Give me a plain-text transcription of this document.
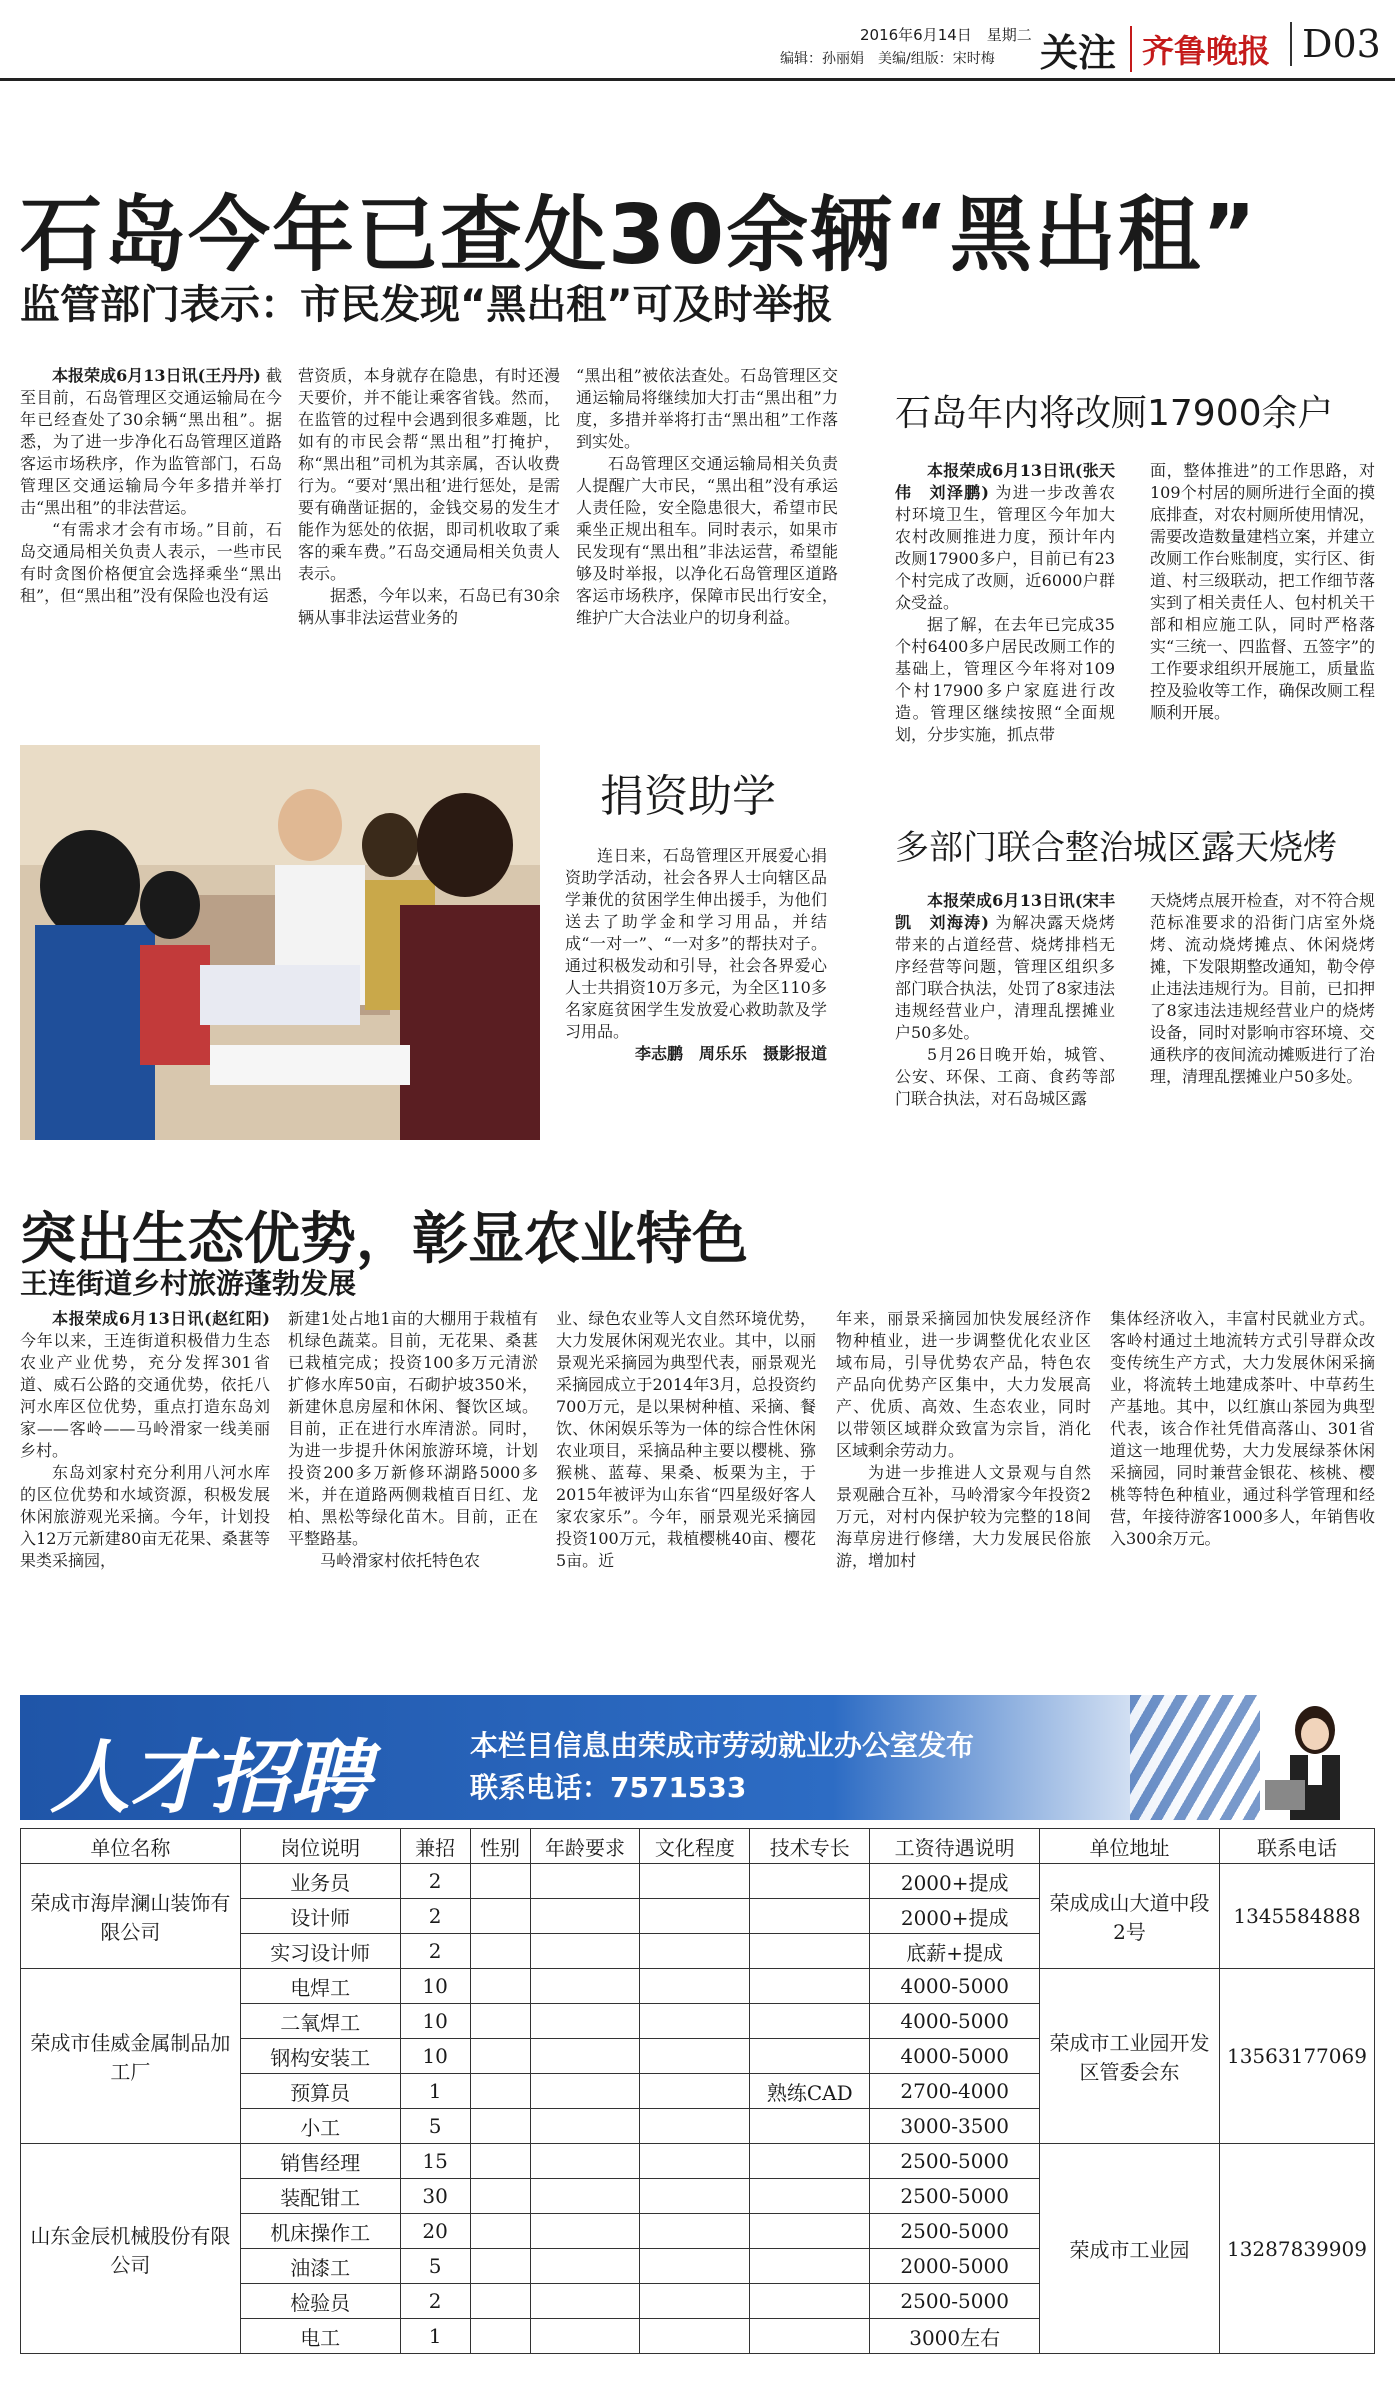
2016年6月14日　星期二
编辑：孙丽娟　美编/组版：宋时梅 关注 齐鲁晚报 D03
石岛今年已查处30余辆“黑出租”
监管部门表示：市民发现“黑出租”可及时举报

本报荣成6月13日讯(王丹丹) 截至目前，石岛管理区交通运输局在今年已经查处了30余辆“黑出租”。据悉，为了进一步净化石岛管理区道路客运市场秩序，作为监管部门，石岛管理区交通运输局今年多措并举打击“黑出租”的非法营运。

“有需求才会有市场。”目前，石岛交通局相关负责人表示，一些市民有时贪图价格便宜会选择乘坐“黑出租”，但“黑出租”没有保险也没有运

营资质，本身就存在隐患，有时还漫天要价，并不能让乘客省钱。然而，在监管的过程中会遇到很多难题，比如有的市民会帮“黑出租”打掩护，称“黑出租”司机为其亲属，否认收费行为。“要对‘黑出租’进行惩处，是需要有确凿证据的，金钱交易的发生才能作为惩处的依据，即司机收取了乘客的乘车费。”石岛交通局相关负责人表示。

据悉，今年以来，石岛已有30余辆从事非法运营业务的

“黑出租”被依法查处。石岛管理区交通运输局将继续加大打击“黑出租”力度，多措并举将打击“黑出租”工作落到实处。

石岛管理区交通运输局相关负责人提醒广大市民，“黑出租”没有承运人责任险，安全隐患很大，希望市民乘坐正规出租车。同时表示，如果市民发现有“黑出租”非法运营，希望能够及时举报，以净化石岛管理区道路客运市场秩序，保障市民出行安全，维护广大合法业户的切身利益。

石岛年内将改厕17900余户

本报荣成6月13日讯(张天伟　刘泽鹏) 为进一步改善农村环境卫生，管理区今年加大农村改厕推进力度，预计年内改厕17900多户，目前已有23个村完成了改厕，近6000户群众受益。

据了解，在去年已完成35个村6400多户居民改厕工作的基础上，管理区今年将对109个村17900多户家庭进行改造。管理区继续按照“全面规划，分步实施，抓点带

面，整体推进”的工作思路，对109个村居的厕所进行全面的摸底排查，对农村厕所使用情况，需要改造数量建档立案，并建立改厕工作台账制度，实行区、街道、村三级联动，把工作细节落实到了相关责任人、包村机关干部和相应施工队，同时严格落实“三统一、四监督、五签字”的工作要求组织开展施工，质量监控及验收等工作，确保改厕工程顺利开展。

捐资助学

连日来，石岛管理区开展爱心捐资助学活动，社会各界人士向辖区品学兼优的贫困学生伸出援手，为他们送去了助学金和学习用品，并结成“一对一”、“一对多”的帮扶对子。通过积极发动和引导，社会各界爱心人士共捐资10万多元，为全区110多名家庭贫困学生发放爱心救助款及学习用品。

李志鹏　周乐乐　摄影报道
多部门联合整治城区露天烧烤

本报荣成6月13日讯(宋丰凯　刘海涛) 为解决露天烧烤带来的占道经营、烧烤排档无序经营等问题，管理区组织多部门联合执法，处罚了8家违法违规经营业户，清理乱摆摊业户50多处。

5月26日晚开始，城管、公安、环保、工商、食药等部门联合执法，对石岛城区露

天烧烤点展开检查，对不符合规范标准要求的沿街门店室外烧烤、流动烧烤摊点、休闲烧烤摊，下发限期整改通知，勒令停止违法违规行为。目前，已扣押了8家违法违规经营业户的烧烤设备，同时对影响市容环境、交通秩序的夜间流动摊贩进行了治理，清理乱摆摊业户50多处。

突出生态优势，彰显农业特色
王连街道乡村旅游蓬勃发展

本报荣成6月13日讯(赵红阳) 今年以来，王连街道积极借力生态农业产业优势，充分发挥301省道、威石公路的交通优势，依托八河水库区位优势，重点打造东岛刘家——客岭——马岭滑家一线美丽乡村。

东岛刘家村充分利用八河水库的区位优势和水域资源，积极发展休闲旅游观光采摘。今年，计划投入12万元新建80亩无花果、桑葚等果类采摘园，

新建1处占地1亩的大棚用于栽植有机绿色蔬菜。目前，无花果、桑葚已栽植完成；投资100多万元清淤扩修水库50亩，石砌护坡350米，新建休息房屋和休闲、餐饮区域。目前，正在进行水库清淤。同时，为进一步提升休闲旅游环境，计划投资200多万新修环湖路5000多米，并在道路两侧栽植百日红、龙柏、黑松等绿化苗木。目前，正在平整路基。

马岭滑家村依托特色农

业、绿色农业等人文自然环境优势，大力发展休闲观光农业。其中，以丽景观光采摘园为典型代表，丽景观光采摘园成立于2014年3月，总投资约700万元，是以果树种植、采摘、餐饮、休闲娱乐等为一体的综合性休闲农业项目，采摘品种主要以樱桃、猕猴桃、蓝莓、果桑、板栗为主，于2015年被评为山东省“四星级好客人家农家乐”。今年，丽景观光采摘园投资100万元，栽植樱桃40亩、樱花5亩。近

年来，丽景采摘园加快发展经济作物种植业，进一步调整优化农业区域布局，引导优势农产品，特色农产品向优势产区集中，大力发展高产、优质、高效、生态农业，同时以带领区域群众致富为宗旨，消化区域剩余劳动力。

为进一步推进人文景观与自然景观融合互补，马岭滑家今年投资2万元，对村内保护较为完整的18间海草房进行修缮，大力发展民俗旅游，增加村

集体经济收入，丰富村民就业方式。客岭村通过土地流转方式引导群众改变传统生产方式，大力发展休闲采摘业，将流转土地建成茶叶、中草药生产基地。其中，以红旗山茶园为典型代表，该合作社凭借高落山、301省道这一地理优势，大力发展绿茶休闲采摘园，同时兼营金银花、核桃、樱桃等特色种植业，通过科学管理和经营，年接待游客1000多人，年销售收入300余万元。

人才招聘	本栏目信息由荣成市劳动就业办公室发布
联系电话：7571533
单位名称	岗位说明	兼招	性别	年龄要求	文化程度	技术专长	工资待遇说明	单位地址	联系电话
荣成市海岸澜山装饰有限公司	业务员	2					2000+提成	荣成成山大道中段2号	1345584888
	设计师	2					2000+提成		
	实习设计师	2					底薪+提成		
荣成市佳威金属制品加工厂	电焊工	10					4000-5000	荣成市工业园开发区管委会东	13563177069
	二氧焊工	10					4000-5000		
	钢构安装工	10					4000-5000		
	预算员	1				熟练CAD	2700-4000		
	小工	5					3000-3500		
山东金辰机械股份有限公司	销售经理	15					2500-5000	荣成市工业园	13287839909
	装配钳工	30					2500-5000		
	机床操作工	20					2500-5000		
	油漆工	5					2000-5000		
	检验员	2					2500-5000		
	电工	1					3000左右		
